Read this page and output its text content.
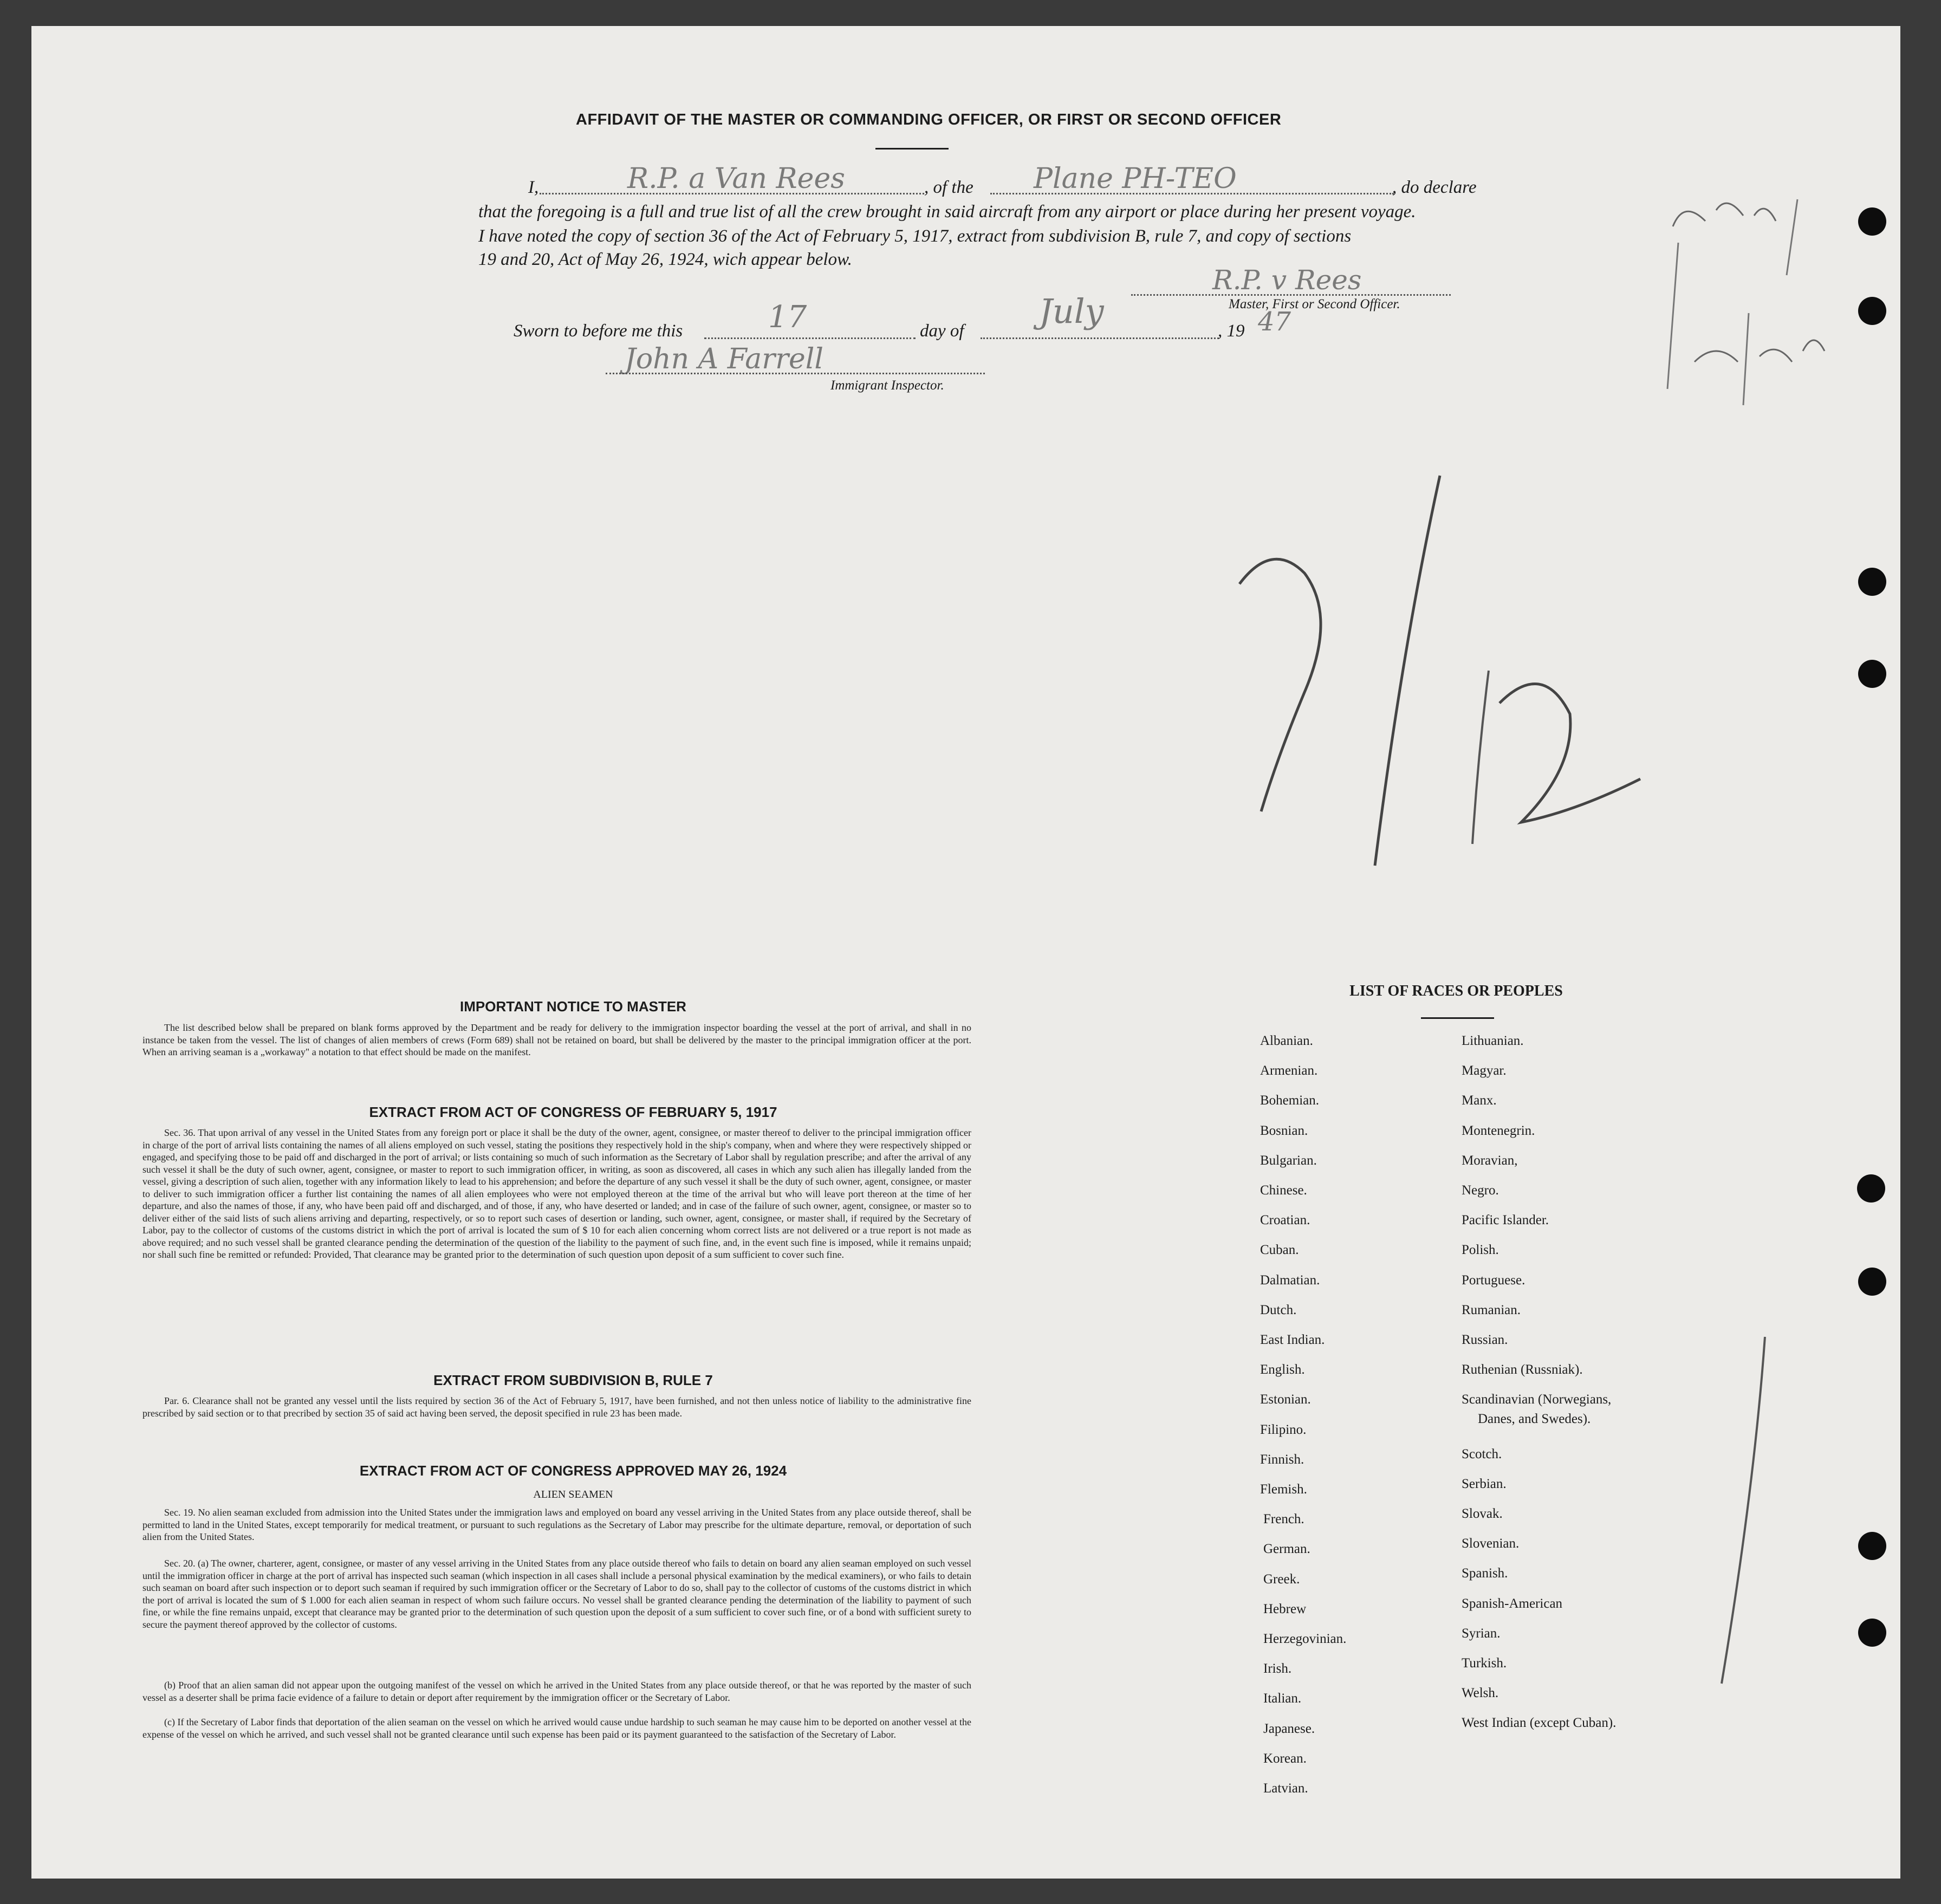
AFFIDAVIT OF THE MASTER OR COMMANDING OFFICER, OR FIRST OR SECOND OFFICER
I,	R.P. a Van Rees	, of the Plane PH-TEO	, do declare
that the foregoing is a full and true list of all the crew brought in said aircraft from any airport or place during her present voyage.
I have noted the copy of section 36 of the Act of February 5, 1917, extract from subdivision B, rule 7, and copy of sections
19 and 20, Act of May 26, 1924, wich appear below.
R.P. v Rees
Master, First or Second Officer.
Sworn to before me this	17	day of July	, 19 47
John A Farrell
Immigrant Inspector.
IMPORTANT NOTICE TO MASTER
The list described below shall be prepared on blank forms approved by the Department and be ready for delivery to the immigration inspector boarding the vessel at the port of arrival, and shall in no instance be taken from the vessel. The list of changes of alien members of crews (Form 689) shall not be retained on board, but shall be delivered by the master to the principal immigration officer at the port. When an arriving seaman is a „workaway" a notation to that effect should be made on the manifest.
EXTRACT FROM ACT OF CONGRESS OF FEBRUARY 5, 1917
Sec. 36. That upon arrival of any vessel in the United States from any foreign port or place it shall be the duty of the owner, agent, consignee, or master thereof to deliver to the principal immigration officer in charge of the port of arrival lists containing the names of all aliens employed on such vessel, stating the positions they respectively hold in the ship's company, when and where they were respectively shipped or engaged, and specifying those to be paid off and discharged in the port of arrival; or lists containing so much of such information as the Secretary of Labor shall by regulation prescribe; and after the arrival of any such vessel it shall be the duty of such owner, agent, consignee, or master to report to such immigration officer, in writing, as soon as discovered, all cases in which any such alien has illegally landed from the vessel, giving a description of such alien, together with any information likely to lead to his apprehension; and before the departure of any such vessel it shall be the duty of such owner, agent, consignee, or master to deliver to such immigration officer a further list containing the names of all alien employees who were not employed thereon at the time of the arrival but who will leave port thereon at the time of her departure, and also the names of those, if any, who have been paid off and discharged, and of those, if any, who have deserted or landed; and in case of the failure of such owner, agent, consignee, or master so to deliver either of the said lists of such aliens arriving and departing, respectively, or so to report such cases of desertion or landing, such owner, agent, consignee, or master shall, if required by the Secretary of Labor, pay to the collector of customs of the customs district in which the port of arrival is located the sum of $ 10 for each alien concerning whom correct lists are not delivered or a true report is not made as above required; and no such vessel shall be granted clearance pending the determination of the question of the liability to the payment of such fine, and, in the event such fine is imposed, while it remains unpaid; nor shall such fine be remitted or refunded: Provided, That clearance may be granted prior to the determination of such question upon deposit of a sum sufficient to cover such fine.
EXTRACT FROM SUBDIVISION B, RULE 7
Par. 6. Clearance shall not be granted any vessel until the lists required by section 36 of the Act of February 5, 1917, have been furnished, and not then unless notice of liability to the administrative fine prescribed by said section or to that precribed by section 35 of said act having been served, the deposit specified in rule 23 has been made.
EXTRACT FROM ACT OF CONGRESS APPROVED MAY 26, 1924
ALIEN SEAMEN
Sec. 19. No alien seaman excluded from admission into the United States under the immigration laws and employed on board any vessel arriving in the United States from any place outside thereof, shall be permitted to land in the United States, except temporarily for medical treatment, or pursuant to such regulations as the Secretary of Labor may prescribe for the ultimate departure, removal, or deportation of such alien from the United States.
Sec. 20. (a) The owner, charterer, agent, consignee, or master of any vessel arriving in the United States from any place outside thereof who fails to detain on board any alien seaman employed on such vessel until the immigration officer in charge at the port of arrival has inspected such seaman (which inspection in all cases shall include a personal physical examination by the medical examiners), or who fails to detain such seaman on board after such inspection or to deport such seaman if required by such immigration officer or the Secretary of Labor to do so, shall pay to the collector of customs of the customs district in which the port of arrival is located the sum of $ 1.000 for each alien seaman in respect of whom such failure occurs. No vessel shall be granted clearance pending the determination of the liability to payment of such fine, or while the fine remains unpaid, except that clearance may be granted prior to the determination of such question upon the deposit of a sum sufficient to cover such fine, or of a bond with sufficient surety to secure the payment thereof approved by the collector of customs.
(b) Proof that an alien saman did not appear upon the outgoing manifest of the vessel on which he arrived in the United States from any place outside thereof, or that he was reported by the master of such vessel as a deserter shall be prima facie evidence of a failure to detain or deport after requirement by the immigration officer or the Secretary of Labor.
(c) If the Secretary of Labor finds that deportation of the alien seaman on the vessel on which he arrived would cause undue hardship to such seaman he may cause him to be deported on another vessel at the expense of the vessel on which he arrived, and such vessel shall not be granted clearance until such expense has been paid or its payment guaranteed to the satisfaction of the Secretary of Labor.
LIST OF RACES OR PEOPLES
Albanian.
Armenian.
Bohemian.
Bosnian.
Bulgarian.
Chinese.
Croatian.
Cuban.
Dalmatian.
Dutch.
East Indian.
English.
Estonian.
Filipino.
Finnish.
Flemish.
French.
German.
Greek.
Hebrew
Herzegovinian.
Irish.
Italian.
Japanese.
Korean.
Latvian.
Lithuanian.
Magyar.
Manx.
Montenegrin.
Moravian,
Negro.
Pacific Islander.
Polish.
Portuguese.
Rumanian.
Russian.
Ruthenian (Russniak).
Scandinavian (Norwegians,
Danes, and Swedes).
Scotch.
Serbian.
Slovak.
Slovenian.
Spanish.
Spanish-American
Syrian.
Turkish.
Welsh.
West Indian (except Cuban).
